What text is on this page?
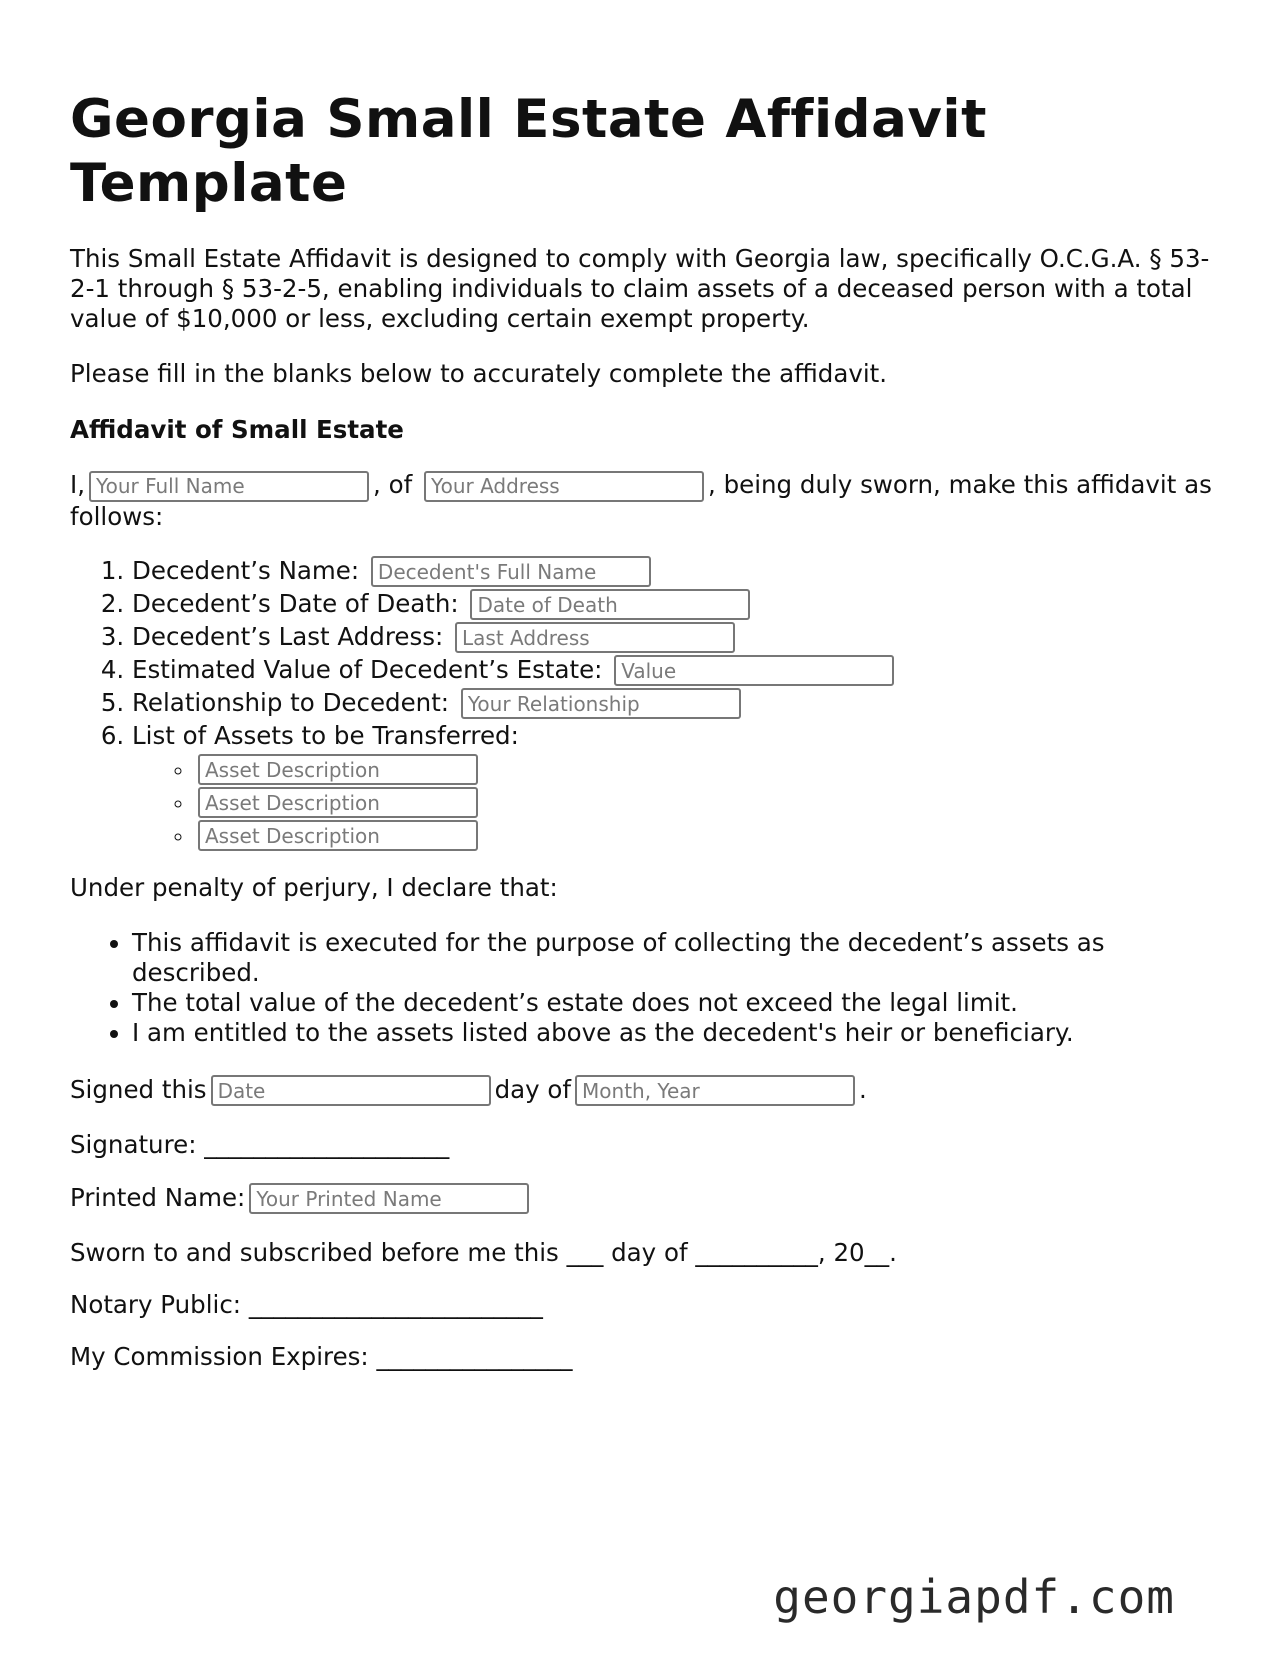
Georgia Small Estate Affidavit Template

This Small Estate Affidavit is designed to comply with Georgia law, specifically O.C.G.A. § 53-2-1 through § 53-2-5, enabling individuals to claim assets of a deceased person with a total value of $10,000 or less, excluding certain exempt property.

Please fill in the blanks below to accurately complete the affidavit.

Affidavit of Small Estate

I,Your Full Name	, of Your Address	, being duly sworn, make this affidavit as follows:

1. Decedent’s Name: Decedent's Full Name
2. Decedent’s Date of Death: Date of Death
3. Decedent’s Last Address: Last Address
4. Estimated Value of Decedent’s Estate: Value
5. Relationship to Decedent: Your Relationship
6. List of Assets to be Transferred:
◦ Asset Description
◦ Asset Description
◦ Asset Description

Under penalty of perjury, I declare that:

• This affidavit is executed for the purpose of collecting the decedent’s assets as described.
• The total value of the decedent’s estate does not exceed the legal limit.
• I am entitled to the assets listed above as the decedent's heir or beneficiary.

Signed thisDate	day ofMonth, Year	.

Signature: ____________________

Printed Name:Your Printed Name

Sworn to and subscribed before me this ___ day of __________, 20__.

Notary Public: ________________________

My Commission Expires: ________________

georgiapdf.com
